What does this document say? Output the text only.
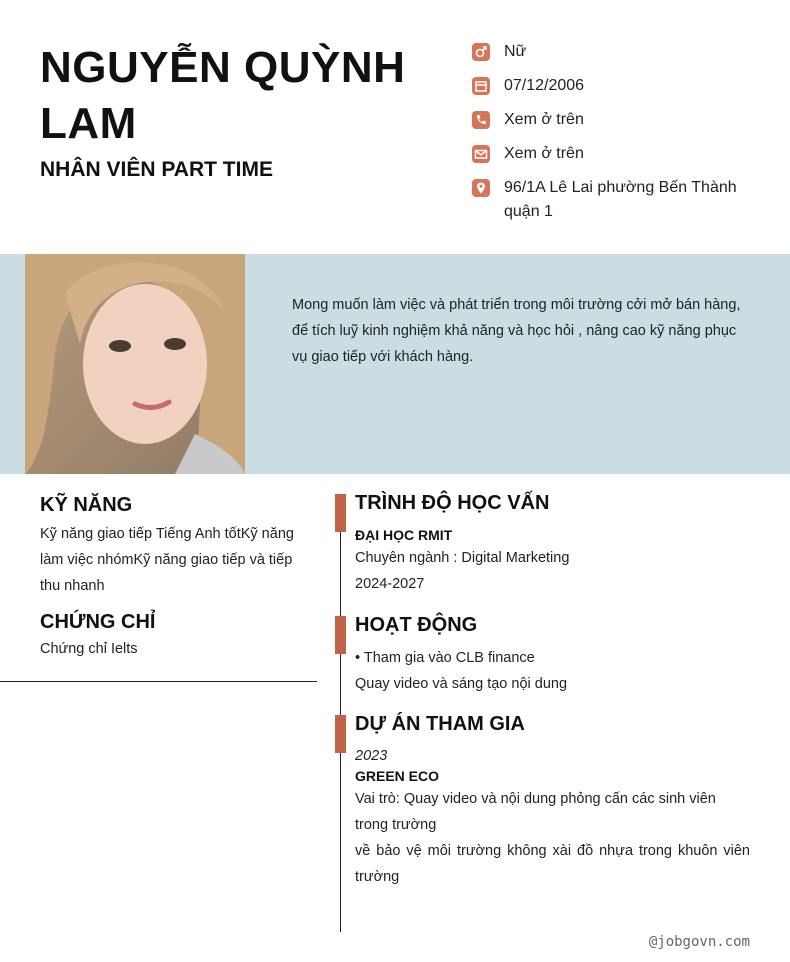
NGUYỄN QUỲNH LAM
NHÂN VIÊN PART TIME
Nữ
07/12/2006
Xem ở trên
Xem ở trên
96/1A Lê Lai phường Bến Thành quận 1
Mong muốn làm việc và phát triển trong môi trường cởi mở bán hàng, để tích luỹ kinh nghiệm khả năng và học hỏi , nâng cao kỹ năng phục vụ giao tiếp với khách hàng.
KỸ NĂNG
Kỹ năng giao tiếp Tiếng Anh tốtKỹ năng làm việc nhómKỹ năng giao tiếp và tiếp thu nhanh
CHỨNG CHỈ
Chứng chỉ Ielts
TRÌNH ĐỘ HỌC VẤN
ĐẠI HỌC RMIT
Chuyên ngành : Digital Marketing
2024-2027
HOẠT ĐỘNG
• Tham gia vào CLB finance
Quay video và sáng tạo nội dung
DỰ ÁN THAM GIA
2023
GREEN ECO
Vai trò: Quay video và nội dung phỏng cấn các sinh viên trong trường
về bảo vệ môi trường không xài đồ nhựa trong khuôn viên trường
@jobgovn.com
